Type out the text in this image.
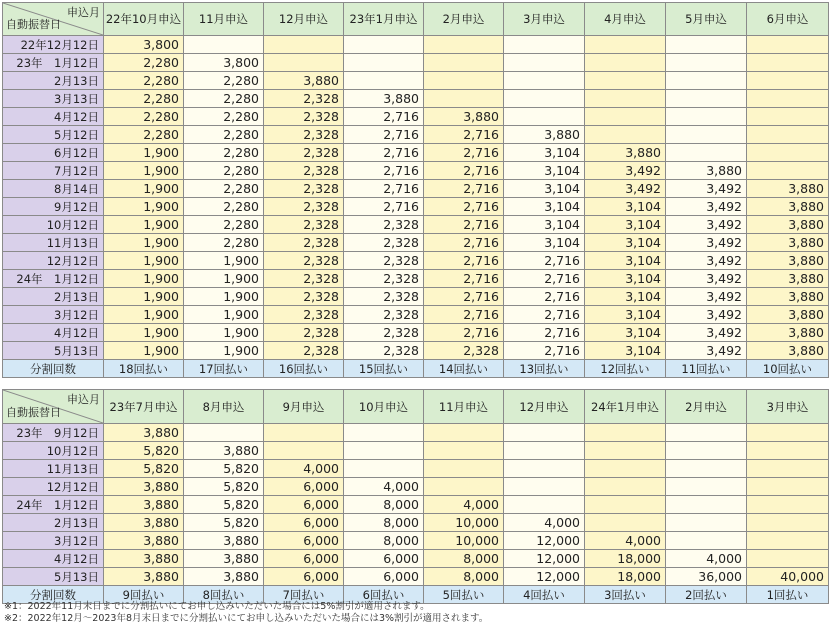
申込月
自動振替日	22年10月申込	11月申込	12月申込	23年1月申込	2月申込	3月申込	4月申込	5月申込	6月申込
22年12月12日	3,800								
23年　1月12日	2,280	3,800							
2月13日	2,280	2,280	3,880						
3月13日	2,280	2,280	2,328	3,880					
4月12日	2,280	2,280	2,328	2,716	3,880				
5月12日	2,280	2,280	2,328	2,716	2,716	3,880			
6月12日	1,900	2,280	2,328	2,716	2,716	3,104	3,880		
7月12日	1,900	2,280	2,328	2,716	2,716	3,104	3,492	3,880	
8月14日	1,900	2,280	2,328	2,716	2,716	3,104	3,492	3,492	3,880
9月12日	1,900	2,280	2,328	2,716	2,716	3,104	3,104	3,492	3,880
10月12日	1,900	2,280	2,328	2,328	2,716	3,104	3,104	3,492	3,880
11月13日	1,900	2,280	2,328	2,328	2,716	3,104	3,104	3,492	3,880
12月12日	1,900	1,900	2,328	2,328	2,716	2,716	3,104	3,492	3,880
24年　1月12日	1,900	1,900	2,328	2,328	2,716	2,716	3,104	3,492	3,880
2月13日	1,900	1,900	2,328	2,328	2,716	2,716	3,104	3,492	3,880
3月12日	1,900	1,900	2,328	2,328	2,716	2,716	3,104	3,492	3,880
4月12日	1,900	1,900	2,328	2,328	2,716	2,716	3,104	3,492	3,880
5月13日	1,900	1,900	2,328	2,328	2,328	2,716	3,104	3,492	3,880
分割回数	18回払い	17回払い	16回払い	15回払い	14回払い	13回払い	12回払い	11回払い	10回払い
申込月
自動振替日	23年7月申込	8月申込	9月申込	10月申込	11月申込	12月申込	24年1月申込	2月申込	3月申込
23年　9月12日	3,880								
10月12日	5,820	3,880							
11月13日	5,820	5,820	4,000						
12月12日	3,880	5,820	6,000	4,000					
24年　1月12日	3,880	5,820	6,000	8,000	4,000				
2月13日	3,880	5,820	6,000	8,000	10,000	4,000			
3月12日	3,880	3,880	6,000	8,000	10,000	12,000	4,000		
4月12日	3,880	3,880	6,000	6,000	8,000	12,000	18,000	4,000	
5月13日	3,880	3,880	6,000	6,000	8,000	12,000	18,000	36,000	40,000
分割回数	9回払い	8回払い	7回払い	6回払い	5回払い	4回払い	3回払い	2回払い	1回払い
※1：2022年11月末日までに分割払いにてお申し込みいただいた場合には5%割引が適用されます。
※2：2022年12月～2023年8月末日までに分割払いにてお申し込みいただいた場合には3%割引が適用されます。
